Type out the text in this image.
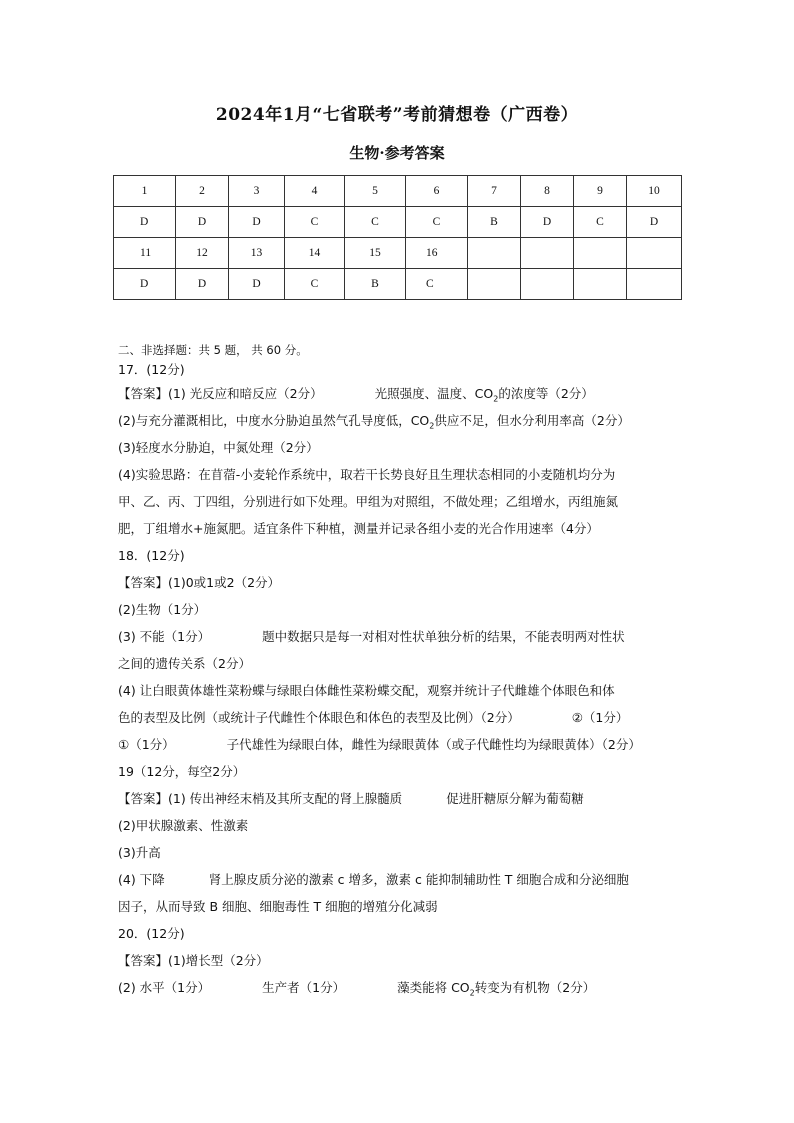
2024年1月“七省联考”考前猜想卷（广西卷）
生物·参考答案
1	2	3	4	5	6	7	8	9	10

D	D	D	C	C	C	B	D	C	D

11	12	13	14	15	16				

D	D	D	C	B	C				

二、非选择题：共 5 题， 共 60 分。
17．(12分)
【答案】(1) 光反应和暗反应（2分）	光照强度、温度、$CO_2$的浓度等（2分）
(2)与充分灌溉相比，中度水分胁迫虽然气孔导度低，$CO_2$供应不足，但水分利用率高（2分）
(3)轻度水分胁迫，中氮处理（2分）
(4)实验思路：在苜蓿-小麦轮作系统中，取若干长势良好且生理状态相同的小麦随机均分为
甲、乙、丙、丁四组，分别进行如下处理。甲组为对照组，不做处理；乙组增水，丙组施氮
肥，丁组增水+施氮肥。适宜条件下种植，测量并记录各组小麦的光合作用速率（4分）
18．(12分)
【答案】(1)0或1或2（2分）
(2)生物（1分）
(3) 不能（1分）	题中数据只是每一对相对性状单独分析的结果，不能表明两对性状
之间的遗传关系（2分）
(4) 让白眼黄体雄性菜粉蝶与绿眼白体雌性菜粉蝶交配，观察并统计子代雌雄个体眼色和体
色的表型及比例（或统计子代雌性个体眼色和体色的表型及比例）（2分）	②（1分）
①（1分）	子代雄性为绿眼白体，雌性为绿眼黄体（或子代雌性均为绿眼黄体）（2分）
19（12分，每空2分）
【答案】(1) 传出神经末梢及其所支配的肾上腺髓质	促进肝糖原分解为葡萄糖
(2)甲状腺激素、性激素
(3)升高
(4) 下降	肾上腺皮质分泌的激素 c 增多，激素 c 能抑制辅助性 T 细胞合成和分泌细胞
因子，从而导致 B 细胞、细胞毒性 T 细胞的增殖分化减弱
20．(12分)
【答案】(1)增长型（2分）
(2) 水平（1分）	生产者（1分）	藻类能将 $CO_2$转变为有机物（2分）
